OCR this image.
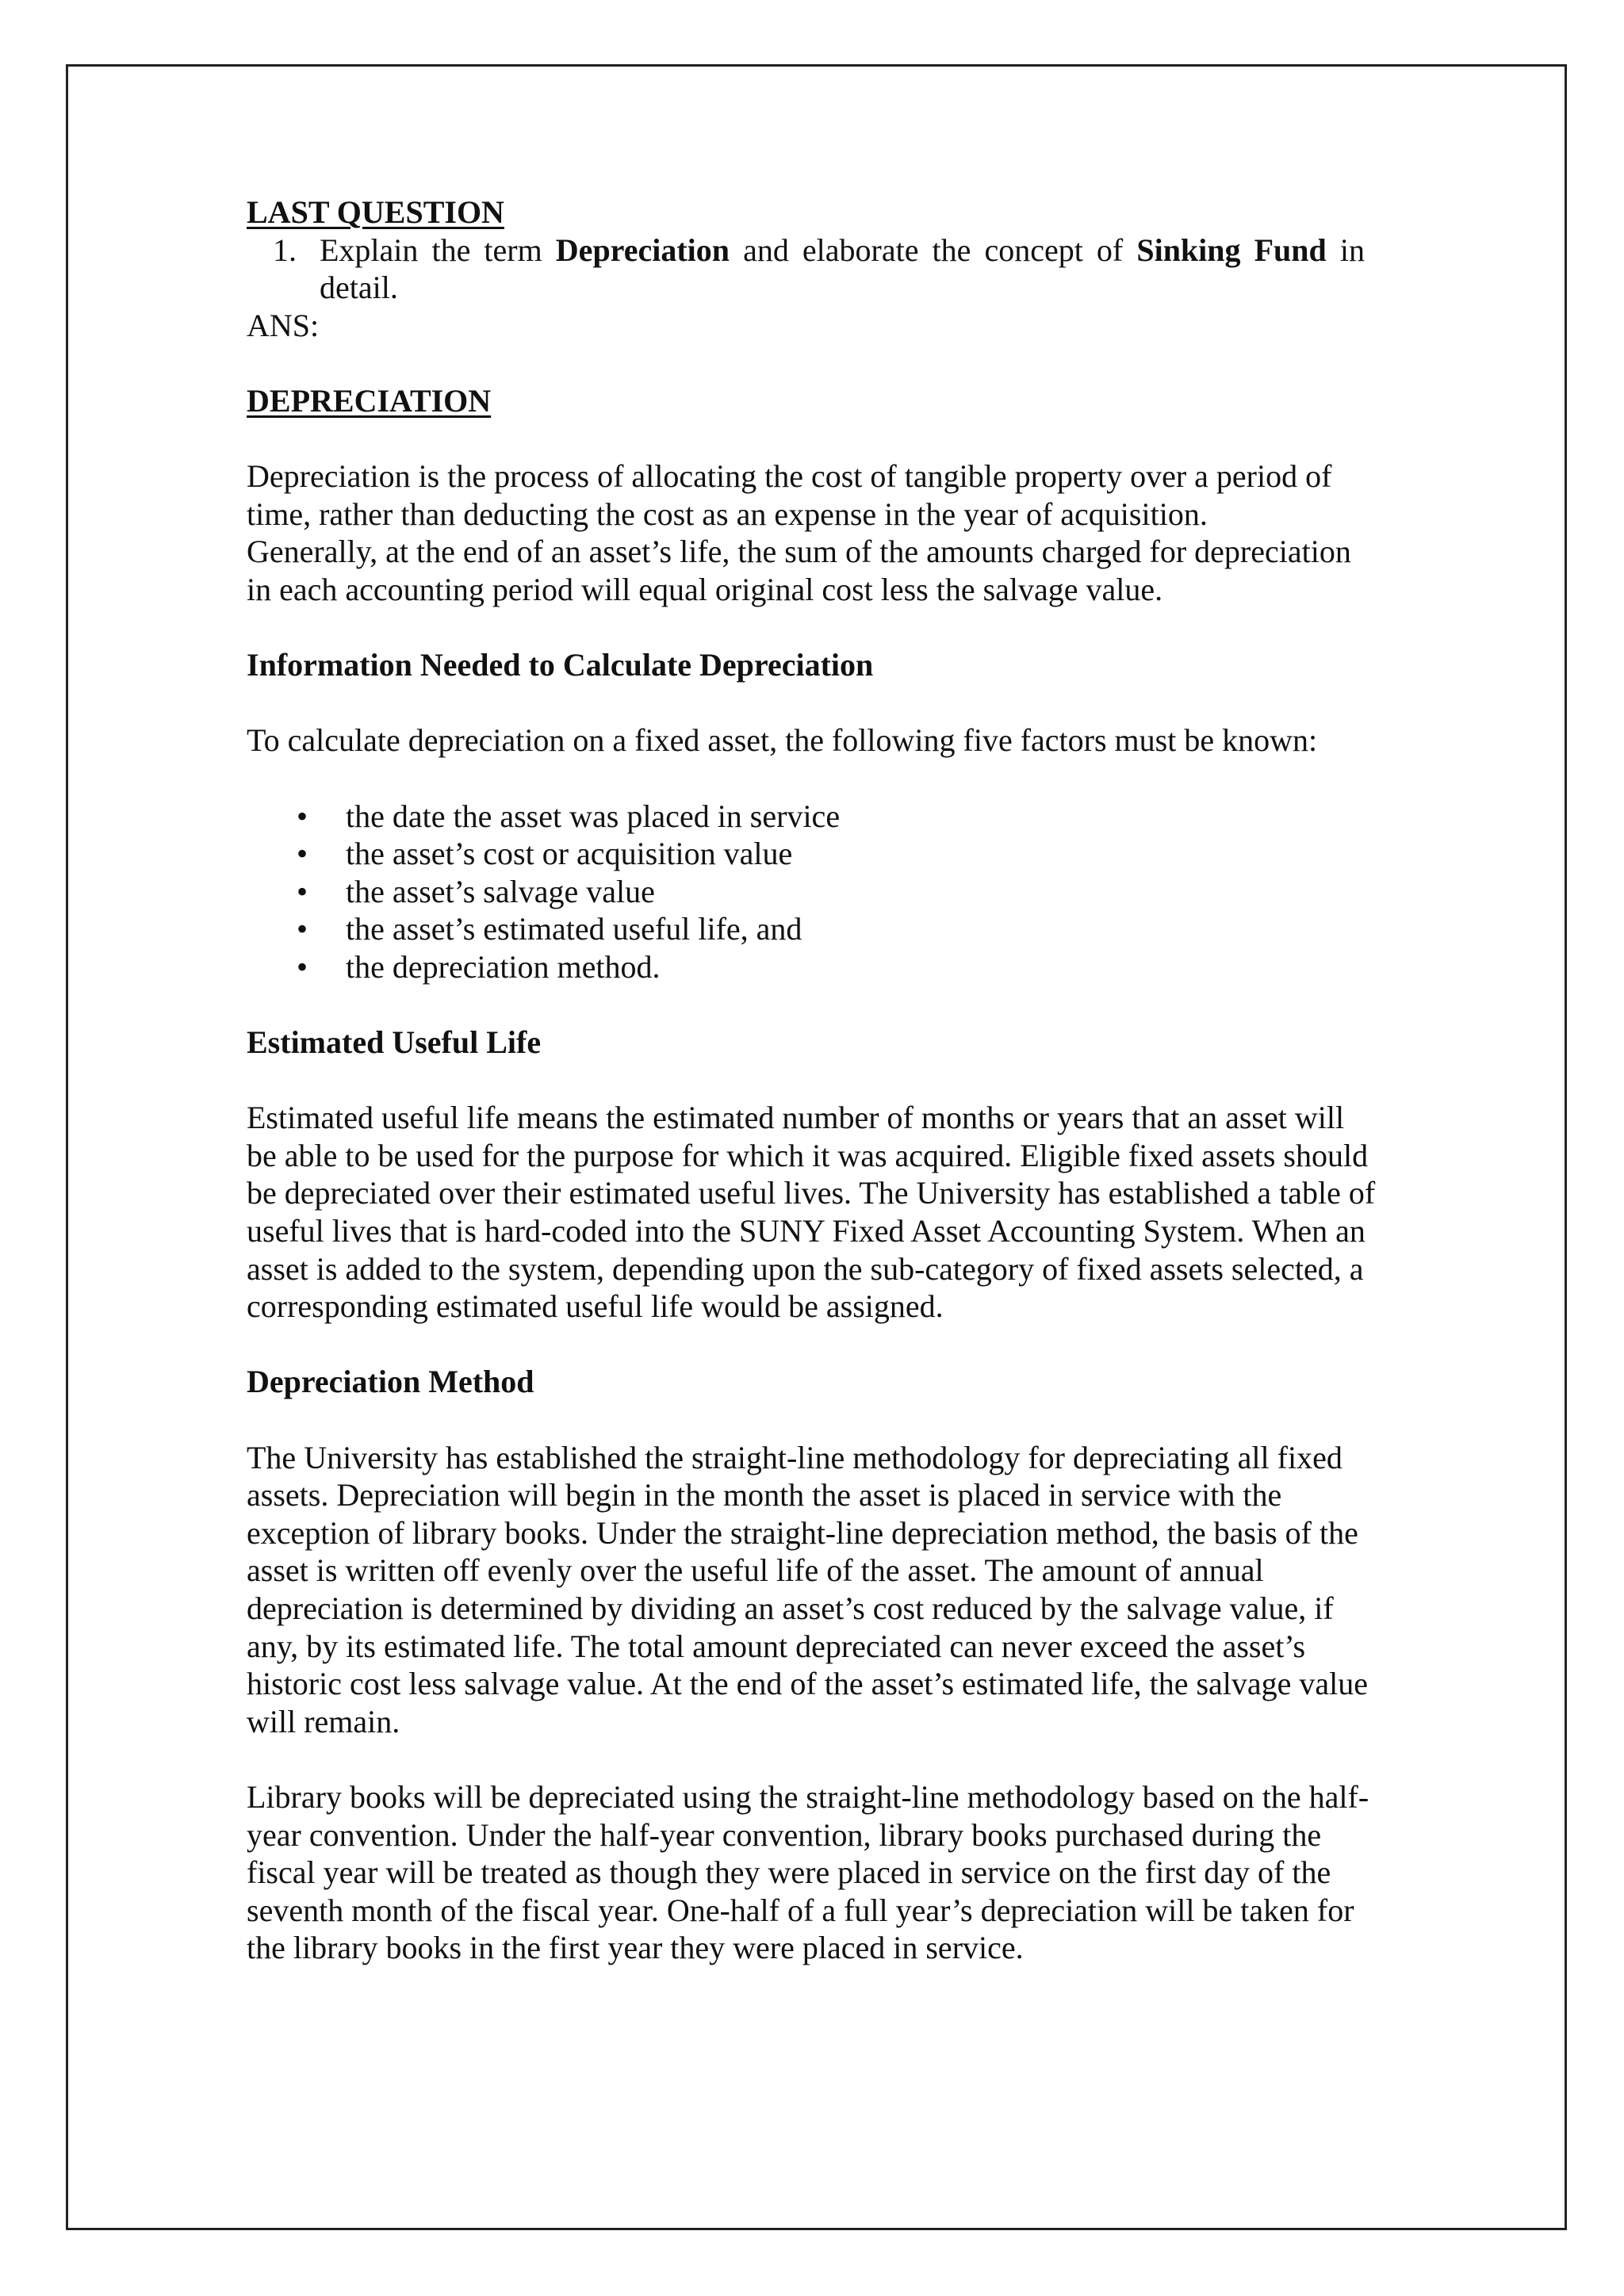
LAST QUESTION

1. Explain the term Depreciation and elaborate the concept of Sinking Fund in detail.

ANS:

DEPRECIATION

Depreciation is the process of allocating the cost of tangible property over a period of time, rather than deducting the cost as an expense in the year of acquisition.
Generally, at the end of an asset’s life, the sum of the amounts charged for depreciation in each accounting period will equal original cost less the salvage value.

Information Needed to Calculate Depreciation

To calculate depreciation on a fixed asset, the following five factors must be known:

• the date the asset was placed in service
• the asset’s cost or acquisition value
• the asset’s salvage value
• the asset’s estimated useful life, and
• the depreciation method.

Estimated Useful Life

Estimated useful life means the estimated number of months or years that an asset will be able to be used for the purpose for which it was acquired. Eligible fixed assets should be depreciated over their estimated useful lives. The University has established a table of useful lives that is hard-coded into the SUNY Fixed Asset Accounting System. When an asset is added to the system, depending upon the sub-category of fixed assets selected, a corresponding estimated useful life would be assigned.

Depreciation Method

The University has established the straight-line methodology for depreciating all fixed assets. Depreciation will begin in the month the asset is placed in service with the exception of library books. Under the straight-line depreciation method, the basis of the asset is written off evenly over the useful life of the asset. The amount of annual depreciation is determined by dividing an asset’s cost reduced by the salvage value, if any, by its estimated life. The total amount depreciated can never exceed the asset’s historic cost less salvage value. At the end of the asset’s estimated life, the salvage value will remain.

Library books will be depreciated using the straight-line methodology based on the half-year convention. Under the half-year convention, library books purchased during the fiscal year will be treated as though they were placed in service on the first day of the seventh month of the fiscal year. One-half of a full year’s depreciation will be taken for the library books in the first year they were placed in service.
